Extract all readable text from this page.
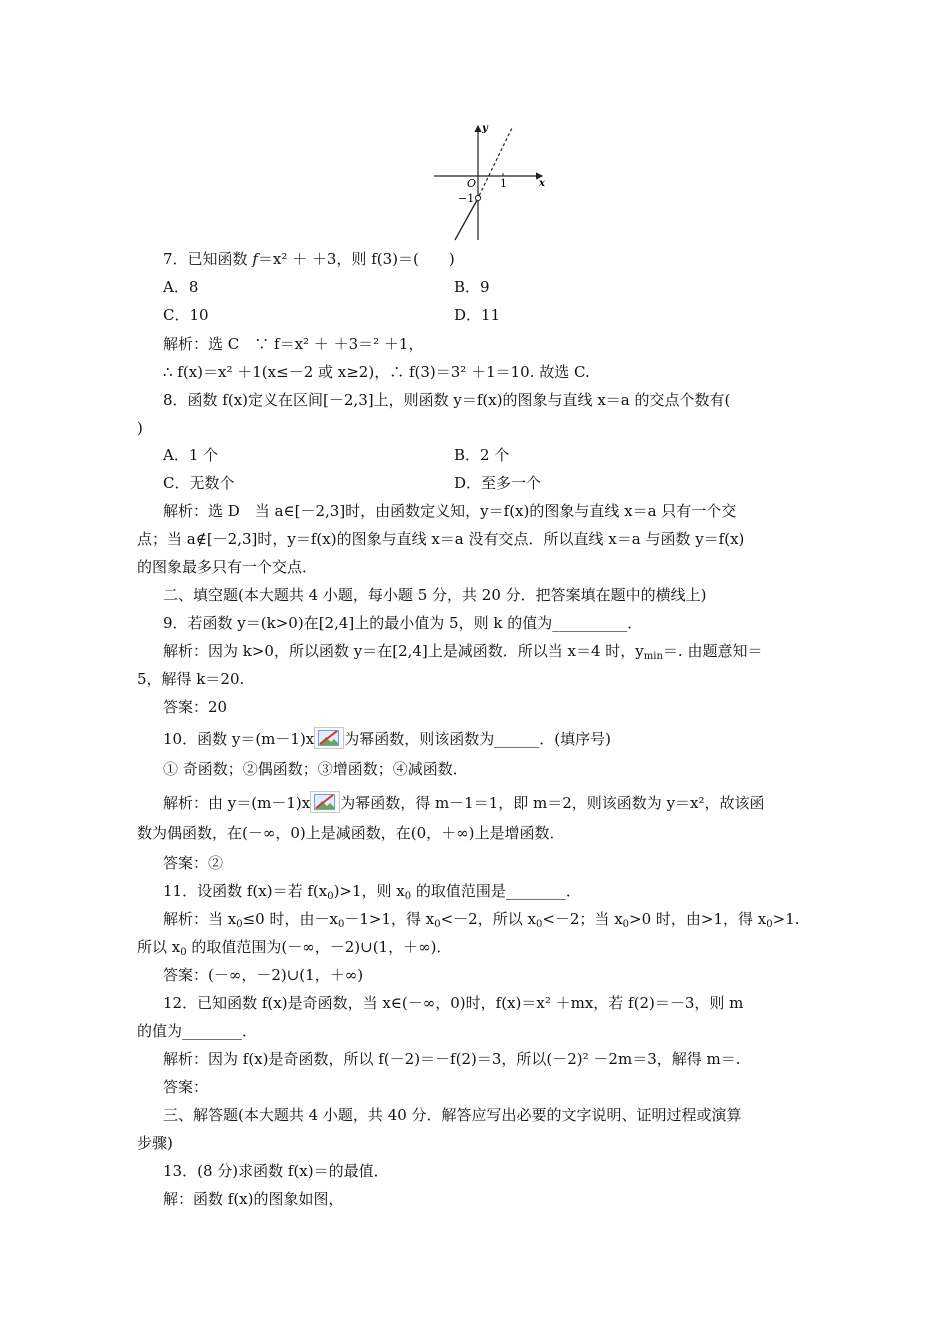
y
x
O 1
−1
7．已知函数 f＝x² ＋ ＋3，则 f(3)＝(　　)
A．8	B．9
C．10	D．11
解析：选 C　∵ f＝x² ＋ ＋3＝² ＋1，
∴ f(x)＝x² ＋1(x≤－2 或 x≥2)，∴ f(3)＝3² ＋1＝10. 故选 C.
8．函数 f(x)定义在区间[－2,3]上，则函数 y＝f(x)的图象与直线 x＝a 的交点个数有(
)
A．1 个	B．2 个
C．无数个	D．至多一个
解析：选 D　当 a∈[－2,3]时，由函数定义知，y＝f(x)的图象与直线 x＝a 只有一个交
点；当 a∉[－2,3]时，y＝f(x)的图象与直线 x＝a 没有交点．所以直线 x＝a 与函数 y＝f(x)
的图象最多只有一个交点．
二、填空题(本大题共 4 小题，每小题 5 分，共 20 分．把答案填在题中的横线上)
9．若函数 y＝(k>0)在[2,4]上的最小值为 5，则 k 的值为__________．
解析：因为 k>0，所以函数 y＝在[2,4]上是减函数．所以当 x＝4 时，$y_{min}=$. 由题意知＝
5，解得 k＝20.
答案：20
10．函数 y＝(m－1)x 为幂函数，则该函数为______．(填序号)
① 奇函数；②偶函数；③增函数；④减函数．
解析：由 y＝(m－1)x 为幂函数，得 m－1＝1，即 m＝2，则该函数为 y＝x²，故该函
数为偶函数，在(－∞，0)上是减函数，在(0，＋∞)上是增函数．
答案：②
11．设函数 f(x)＝若 $f(x_0)>1$，则 $x_0$ 的取值范围是________．
解析：当 $x_0\le 0$ 时，由$-x_0-1>1$，得 $x_0<-2$，所以 $x_0<-2$；当 $x_0>0$ 时，由>1，得 $x_0>1$.
所以 $x_0$ 的取值范围为(－∞，－2)∪(1，＋∞)．
答案：(－∞，－2)∪(1，＋∞)
12．已知函数 f(x)是奇函数，当 x∈(－∞，0)时，f(x)＝x² ＋mx，若 f(2)＝－3，则 m
的值为________．
解析：因为 f(x)是奇函数，所以 f(－2)＝－f(2)＝3，所以(－2)² －2m＝3，解得 m＝.
答案：
三、解答题(本大题共 4 小题，共 40 分．解答应写出必要的文字说明、证明过程或演算
步骤)
13．(8 分)求函数 f(x)＝的最值．
解：函数 f(x)的图象如图，
